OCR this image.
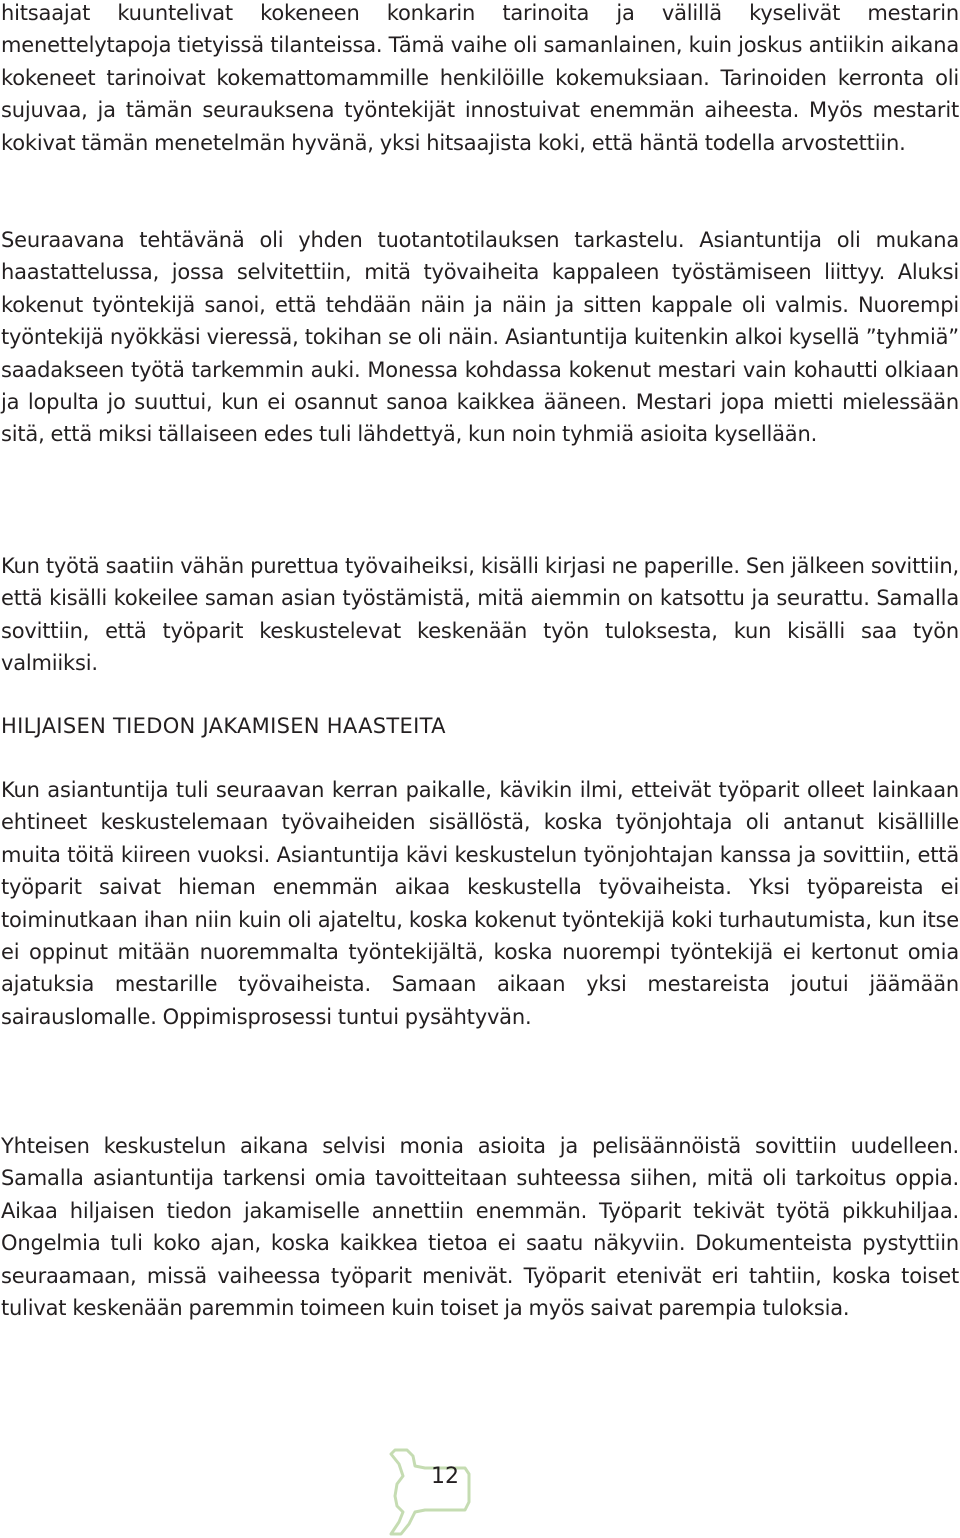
hitsaajat kuuntelivat kokeneen konkarin tarinoita ja välillä kyselivät mestarin menettelytapoja tietyissä tilanteissa. Tämä vaihe oli samanlainen, kuin joskus antiikin aikana kokeneet tarinoivat kokemattomammille henkilöille kokemuksiaan. Tarinoiden kerronta oli sujuvaa, ja tämän seurauksena työntekijät innostuivat enemmän aiheesta. Myös mestarit kokivat tämän menetelmän hyvänä, yksi hitsaajista koki, että häntä todella arvostettiin.

Seuraavana tehtävänä oli yhden tuotantotilauksen tarkastelu. Asiantuntija oli mukana haastattelussa, jossa selvitettiin, mitä työvaiheita kappaleen työstämiseen liittyy. Aluksi kokenut työntekijä sanoi, että tehdään näin ja näin ja sitten kappale oli valmis. Nuorempi työntekijä nyökkäsi vieressä, tokihan se oli näin. Asiantuntija kuitenkin alkoi kysellä ”tyhmiä” saadakseen työtä tarkemmin auki. Monessa kohdassa kokenut mestari vain kohautti olkiaan ja lopulta jo suuttui, kun ei osannut sanoa kaikkea ääneen. Mestari jopa mietti mielessään sitä, että miksi tällaiseen edes tuli lähdettyä, kun noin tyhmiä asioita kysellään.

Kun työtä saatiin vähän purettua työvaiheiksi, kisälli kirjasi ne paperille. Sen jälkeen sovittiin, että kisälli kokeilee saman asian työstämistä, mitä aiemmin on katsottu ja seurattu. Samalla sovittiin, että työparit keskustelevat keskenään työn tuloksesta, kun kisälli saa työn valmiiksi.

HILJAISEN TIEDON JAKAMISEN HAASTEITA

Kun asiantuntija tuli seuraavan kerran paikalle, kävikin ilmi, etteivät työparit olleet lainkaan ehtineet keskustelemaan työvaiheiden sisällöstä, koska työnjohtaja oli antanut kisällille muita töitä kiireen vuoksi. Asiantuntija kävi keskustelun työnjohtajan kanssa ja sovittiin, että työparit saivat hieman enemmän aikaa keskustella työvaiheista. Yksi työpareista ei toiminutkaan ihan niin kuin oli ajateltu, koska kokenut työntekijä koki turhautumista, kun itse ei oppinut mitään nuoremmalta työntekijältä, koska nuorempi työntekijä ei kertonut omia ajatuksia mestarille työvaiheista. Samaan aikaan yksi mestareista joutui jäämään sairauslomalle. Oppimisprosessi tuntui pysähtyvän.

Yhteisen keskustelun aikana selvisi monia asioita ja pelisäännöistä sovittiin uudelleen. Samalla asiantuntija tarkensi omia tavoitteitaan suhteessa siihen, mitä oli tarkoitus oppia. Aikaa hiljaisen tiedon jakamiselle annettiin enemmän. Työparit tekivät työtä pikkuhiljaa. Ongelmia tuli koko ajan, koska kaikkea tietoa ei saatu näkyviin. Dokumenteista pystyttiin seuraamaan, missä vaiheessa työparit menivät. Työparit etenivät eri tahtiin, koska toiset tulivat keskenään paremmin toimeen kuin toiset ja myös saivat parempia tuloksia.

12
